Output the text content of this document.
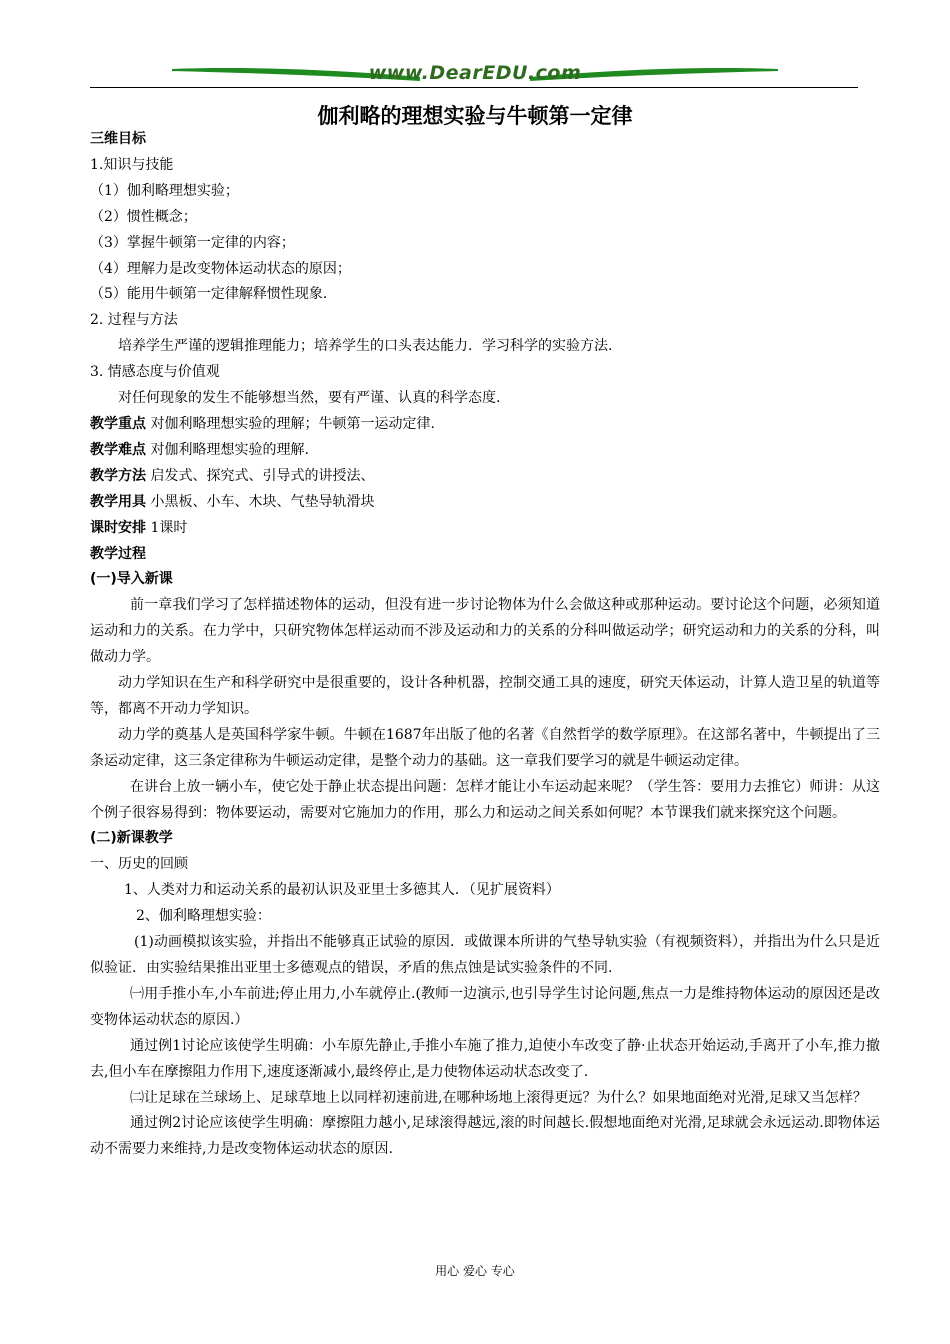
www.DearEDU.com
伽利略的理想实验与牛顿第一定律

三维目标

1.知识与技能

（1）伽利略理想实验；

（2）惯性概念；

（3）掌握牛顿第一定律的内容；

（4）理解力是改变物体运动状态的原因；

（5）能用牛顿第一定律解释惯性现象.

2. 过程与方法

培养学生严谨的逻辑推理能力；培养学生的口头表达能力．学习科学的实验方法.

3. 情感态度与价值观

对任何现象的发生不能够想当然，要有严谨、认真的科学态度.

教学重点 对伽利略理想实验的理解；牛顿第一运动定律.

教学难点 对伽利略理想实验的理解.

教学方法 启发式、探究式、引导式的讲授法、

教学用具 小黑板、小车、木块、气垫导轨滑块

课时安排 1课时

教学过程

(一)导入新课

前一章我们学习了怎样描述物体的运动，但没有进一步讨论物体为什么会做这种或那种运动。要讨论这个问题，必须知道运动和力的关系。在力学中，只研究物体怎样运动而不涉及运动和力的关系的分科叫做运动学；研究运动和力的关系的分科，叫做动力学。

动力学知识在生产和科学研究中是很重要的，设计各种机器，控制交通工具的速度，研究天体运动，计算人造卫星的轨道等等，都离不开动力学知识。

动力学的奠基人是英国科学家牛顿。牛顿在1687年出版了他的名著《自然哲学的数学原理》。在这部名著中，牛顿提出了三条运动定律，这三条定律称为牛顿运动定律，是整个动力的基础。这一章我们要学习的就是牛顿运动定律。

在讲台上放一辆小车，使它处于静止状态提出问题：怎样才能让小车运动起来呢？（学生答：要用力去推它）师讲：从这个例子很容易得到：物体要运动，需要对它施加力的作用，那么力和运动之间关系如何呢？本节课我们就来探究这个问题。

(二)新课教学

一、历史的回顾

1、人类对力和运动关系的最初认识及亚里士多德其人．（见扩展资料）

2、伽利略理想实验：

(1)动画模拟该实验，并指出不能够真正试验的原因．或做课本所讲的气垫导轨实验（有视频资料），并指出为什么只是近似验证．由实验结果推出亚里士多德观点的错误，矛盾的焦点蚀是试实验条件的不同.

㈠用手推小车,小车前进;停止用力,小车就停止.(教师一边演示,也引导学生讨论问题,焦点一力是维持物体运动的原因还是改变物体运动状态的原因.）

通过例1讨论应该使学生明确：小车原先静止,手推小车施了推力,迫使小车改变了静·止状态开始运动,手离开了小车,推力撤去,但小车在摩擦阻力作用下,速度逐渐减小,最终停止,是力使物体运动状态改变了.

㈡让足球在兰球场上、足球草地上以同样初速前进,在哪种场地上滚得更远？为什么？如果地面绝对光滑,足球又当怎样？

通过例2讨论应该使学生明确：摩擦阻力越小,足球滚得越远,滚的时间越长.假想地面绝对光滑,足球就会永远运动.即物体运动不需要力来维持,力是改变物体运动状态的原因.

用心 爱心 专心
